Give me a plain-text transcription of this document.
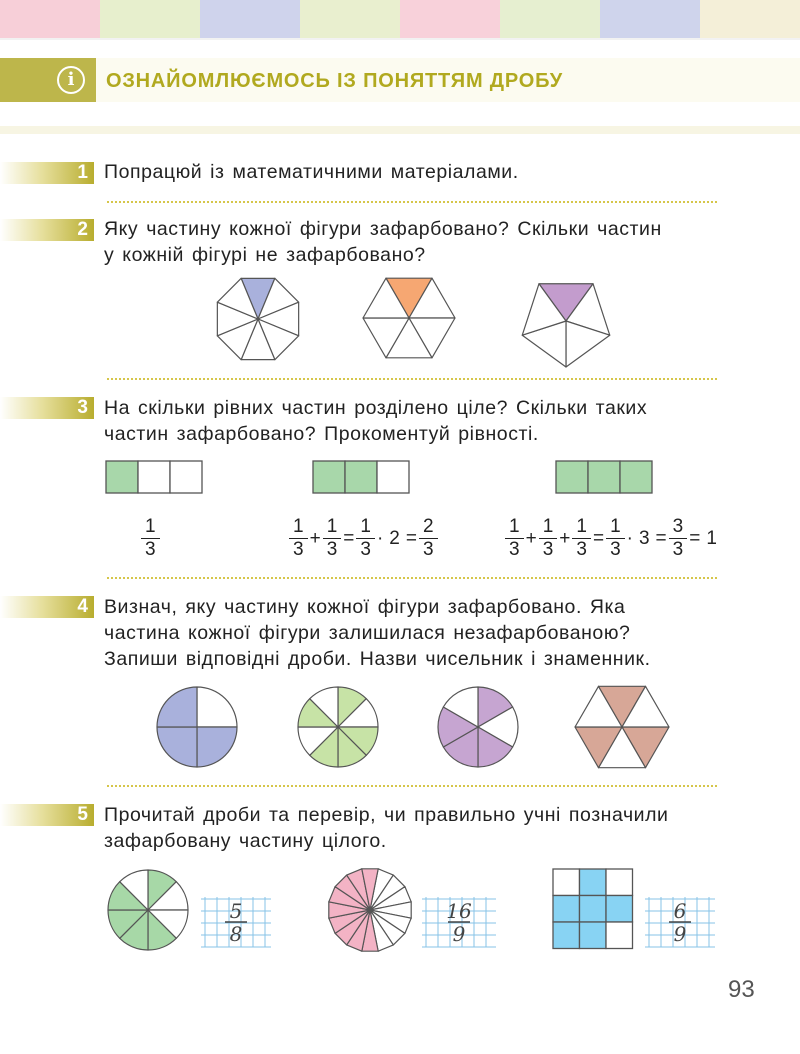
i	ОЗНАЙОМЛЮЄМОСЬ ІЗ ПОНЯТТЯМ ДРОБУ
1 Попрацюй із математичними матеріалами.
2 Яку частину кожної фігури зафарбовано? Скільки частин
у кожній фігурі не зафарбовано?
3 На скільки рівних частин розділено ціле? Скільки таких
частин зафарбовано? Прокоментуй рівності.
1
3
1
3
+
1
3
=
1
3
· 2 =
2
3
1
3
+
1
3
+
1
3
=
1
3
· 3 =
3
3
= 1
4 Визнач, яку частину кожної фігури зафарбовано. Яка
частина кожної фігури залишилася незафарбованою?
Запиши відповідні дроби. Назви чисельник і знаменник.
5 Прочитай дроби та перевір, чи правильно учні позначили
зафарбовану частину цілого.
5
8
16
9
6
9
93
